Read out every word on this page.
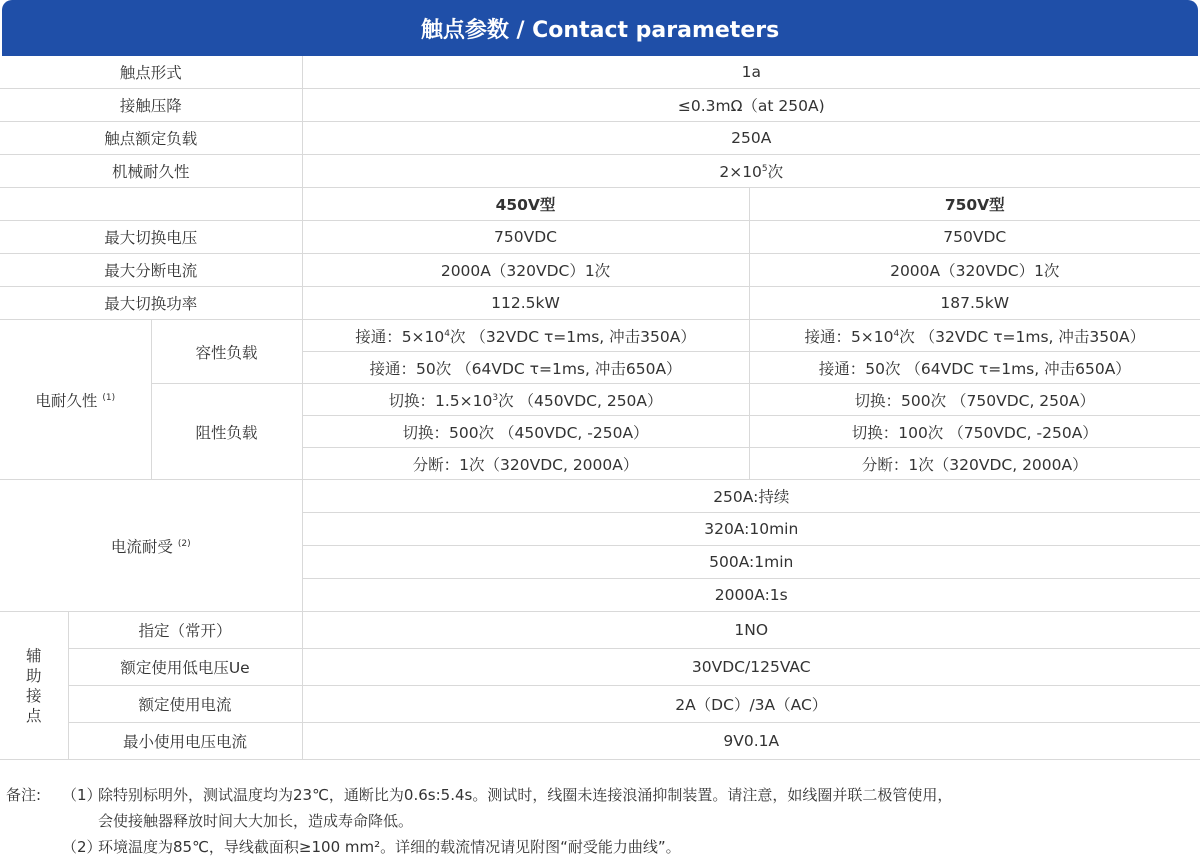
触点参数 / Contact parameters
触点形式			1a	
接触压降			≤0.3mΩ（at 250A)	
触点额定负载			250A	
机械耐久性			$2\times 10^5$次	
			450V型	750V型
最大切换电压			750VDC	750VDC
最大分断电流			2000A（320VDC）1次	2000A（320VDC）1次
最大切换功率			112.5kW	187.5kW
电耐久性 $^{(1)}$		容性负载	接通：$5\times 10^4$次 （32VDC τ=1ms, 冲击350A）	接通：$5\times 10^4$次 （32VDC τ=1ms, 冲击350A）
			接通：50次 （64VDC τ=1ms, 冲击650A）	接通：50次 （64VDC τ=1ms, 冲击650A）
		阻性负载	切换：$1.5\times 10^3$次 （450VDC, 250A）	切换：500次 （750VDC, 250A）
			切换：500次 （450VDC, -250A）	切换：100次 （750VDC, -250A）
			分断：1次（320VDC, 2000A）	分断：1次（320VDC, 2000A）
电流耐受 $^{(2)}$			250A:持续	
			320A:10min	
			500A:1min	
			2000A:1s	
辅
助
接
点	指定（常开）		1NO	
	额定使用低电压Ue		30VDC/125VAC	
	额定使用电流		2A（DC）/3A（AC）	
	最小使用电压电流		9V0.1A	
备注:	（1）
除特别标明外，测试温度均为23℃，通断比为0.6s:5.4s。测试时，线圈未连接浪涌抑制装置。请注意，如线圈并联二极管使用，
会使接触器释放时间大大加长，造成寿命降低。
（2）
环境温度为85℃，导线截面积≥100 mm²。详细的载流情况请见附图“耐受能力曲线”。
